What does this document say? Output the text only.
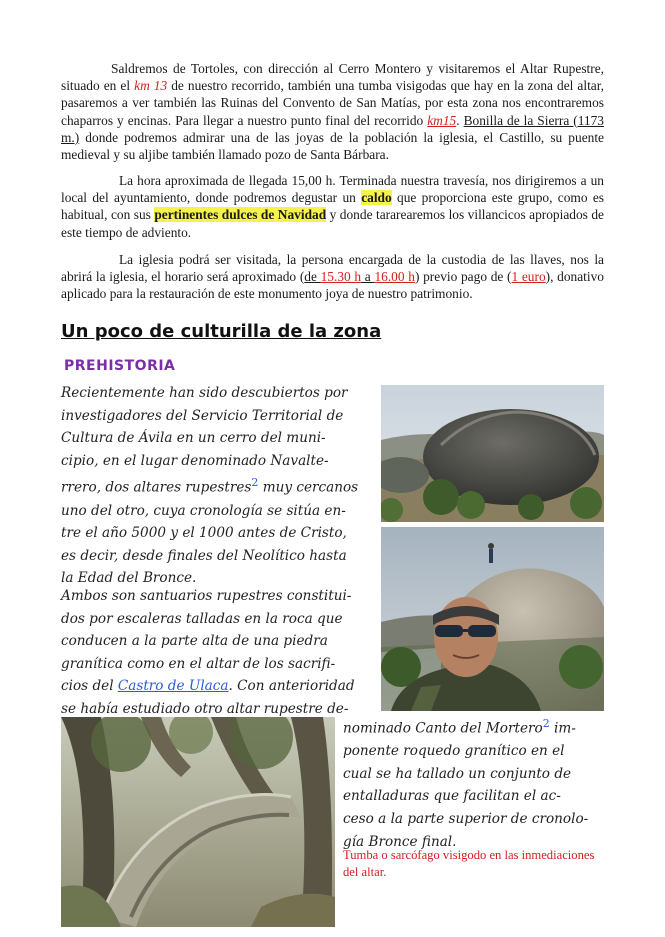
Saldremos de Tortoles, con dirección al Cerro Montero y visitaremos el Altar Rupestre, situado en el km 13 de nuestro recorrido, también una tumba visigodas que hay en la zona del altar, pasaremos a ver también las Ruinas del Convento de San Matías, por esta zona nos encontraremos chaparros y encinas. Para llegar a nuestro punto final del recorrido km15. Bonilla de la Sierra (1173 m.) donde podremos admirar una de las joyas de la población la iglesia, el Castillo, su puente medieval y su aljibe también llamado pozo de Santa Bárbara.

La hora aproximada de llegada 15,00 h. Terminada nuestra travesía, nos dirigiremos a un local del ayuntamiento, donde podremos degustar un caldo que proporciona este grupo, como es habitual, con sus pertinentes dulces de Navidad y donde tararearemos los villancicos apropiados de este tiempo de adviento.

La iglesia podrá ser visitada, la persona encargada de la custodia de las llaves, nos la abrirá la iglesia, el horario será aproximado (de 15.30 h a 16.00 h) previo pago de (1 euro), donativo aplicado para la restauración de este monumento joya de nuestro patrimonio.

Un poco de culturilla de la zona
PREHISTORIA
Recientemente han sido descubiertos por
investigadores del Servicio Territorial de
Cultura de Ávila en un cerro del muni-
cipio, en el lugar denominado Navalte-
rrero, dos altares rupestres$^2$ muy cercanos
uno del otro, cuya cronología se sitúa en-
tre el año 5000 y el 1000 antes de Cristo,
es decir, desde finales del Neolítico hasta
la Edad del Bronce.
Ambos son santuarios rupestres constitui-
dos por escaleras talladas en la roca que
conducen a la parte alta de una piedra
granítica como en el altar de los sacrifi-
cios del Castro de Ulaca. Con anterioridad
se había estudiado otro altar rupestre de-
nominado Canto del Mortero$^2$ im-
ponente roquedo granítico en el
cual se ha tallado un conjunto de
entalladuras que facilitan el ac-
ceso a la parte superior de cronolo-
gía Bronce final.

Tumba o sarcófago visigodo en las inmediaciones del altar.
